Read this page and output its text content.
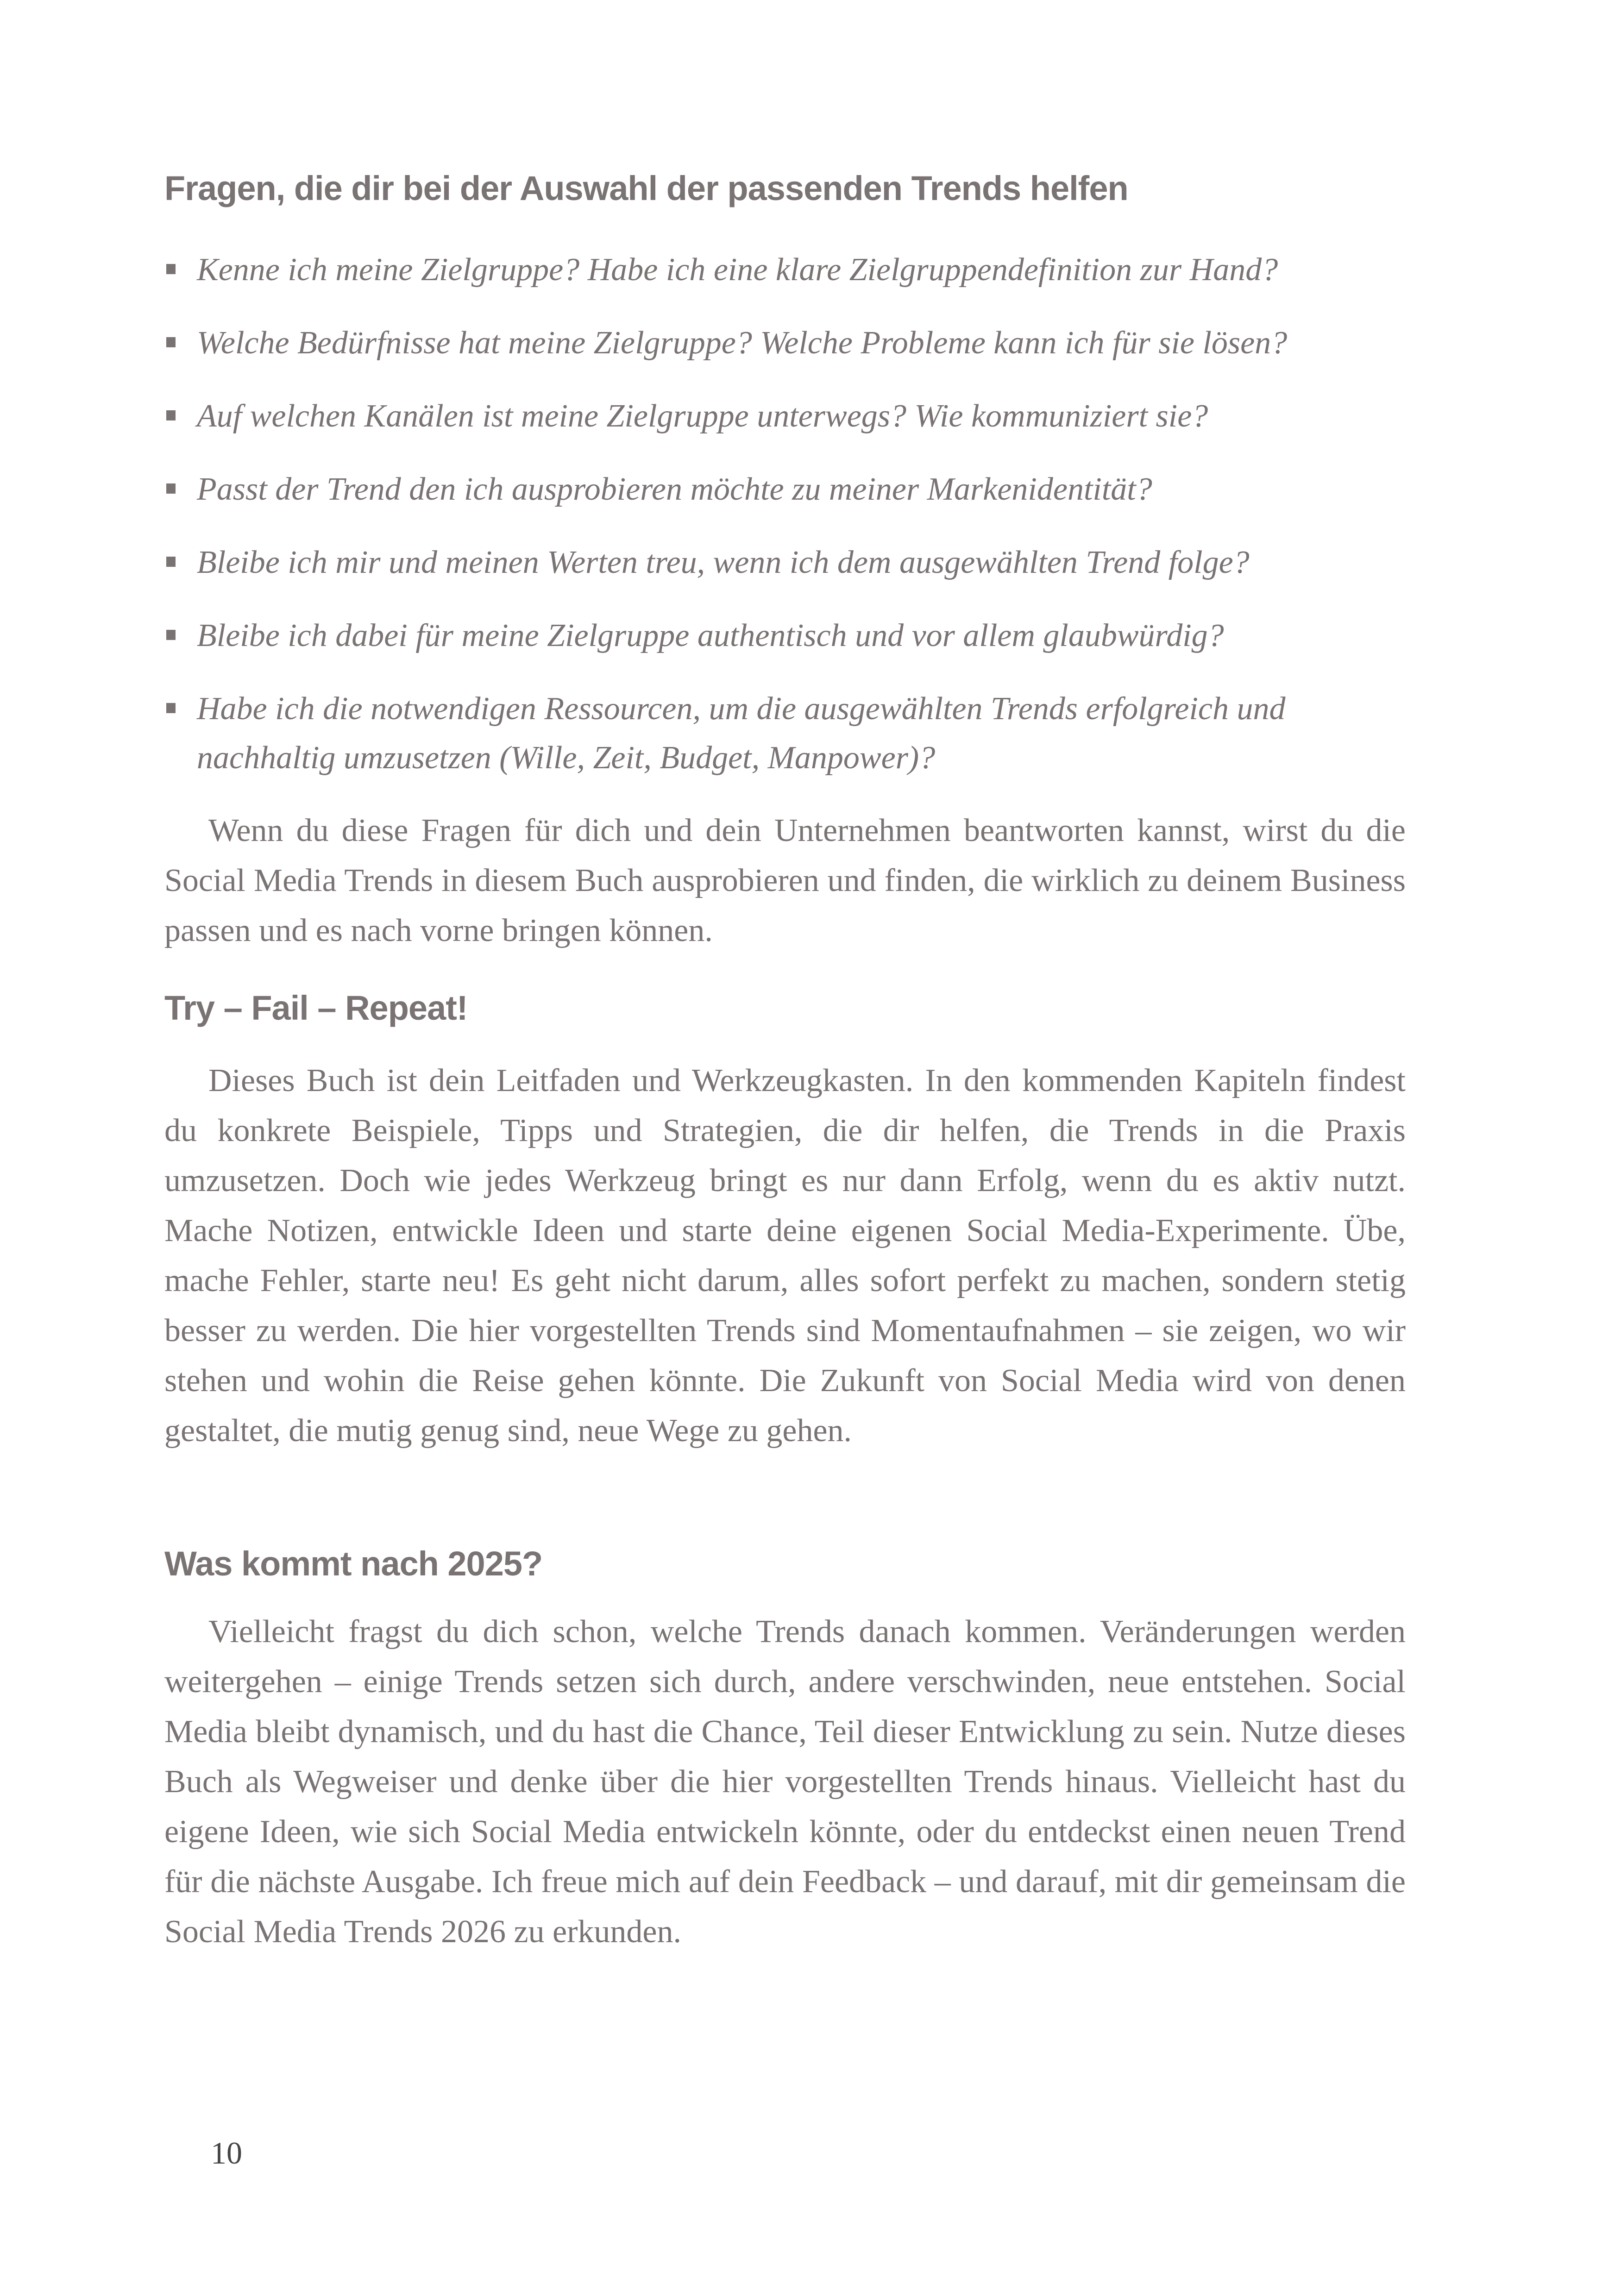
Fragen, die dir bei der Auswahl der passenden Trends helfen
Kenne ich meine Zielgruppe? Habe ich eine klare Zielgruppendefinition zur Hand?
Welche Bedürfnisse hat meine Zielgruppe? Welche Probleme kann ich für sie lösen?
Auf welchen Kanälen ist meine Zielgruppe unterwegs? Wie kommuniziert sie?
Passt der Trend den ich ausprobieren möchte zu meiner Markenidentität?
Bleibe ich mir und meinen Werten treu, wenn ich dem ausgewählten Trend folge?
Bleibe ich dabei für meine Zielgruppe authentisch und vor allem glaubwürdig?
Habe ich die notwendigen Ressourcen, um die ausgewählten Trends erfolgreich und nachhaltig umzusetzen (Wille, Zeit, Budget, Manpower)?

Wenn du diese Fragen für dich und dein Unternehmen beantworten kannst, wirst du die Social Media Trends in diesem Buch ausprobieren und finden, die wirklich zu deinem Business passen und es nach vorne bringen können.

Try – Fail – Repeat!

Dieses Buch ist dein Leitfaden und Werkzeugkasten. In den kommenden Kapiteln findest du konkrete Beispiele, Tipps und Strategien, die dir helfen, die Trends in die Praxis umzusetzen. Doch wie jedes Werkzeug bringt es nur dann Erfolg, wenn du es aktiv nutzt. Mache Notizen, entwickle Ideen und starte deine eigenen Social Media-Experimente. Übe, mache Fehler, starte neu! Es geht nicht darum, alles sofort perfekt zu machen, sondern stetig besser zu werden. Die hier vorgestellten Trends sind Momentaufnahmen – sie zeigen, wo wir stehen und wohin die Reise gehen könnte. Die Zukunft von Social Media wird von denen gestaltet, die mutig genug sind, neue Wege zu gehen.

Was kommt nach 2025?

Vielleicht fragst du dich schon, welche Trends danach kommen. Veränderungen werden weitergehen – einige Trends setzen sich durch, andere verschwinden, neue entstehen. Social Media bleibt dynamisch, und du hast die Chance, Teil dieser Entwicklung zu sein. Nutze dieses Buch als Wegweiser und denke über die hier vorgestellten Trends hinaus. Vielleicht hast du eigene Ideen, wie sich Social Media entwickeln könnte, oder du entdeckst einen neuen Trend für die nächste Ausgabe. Ich freue mich auf dein Feedback – und darauf, mit dir gemeinsam die Social Media Trends 2026 zu erkunden.

10
